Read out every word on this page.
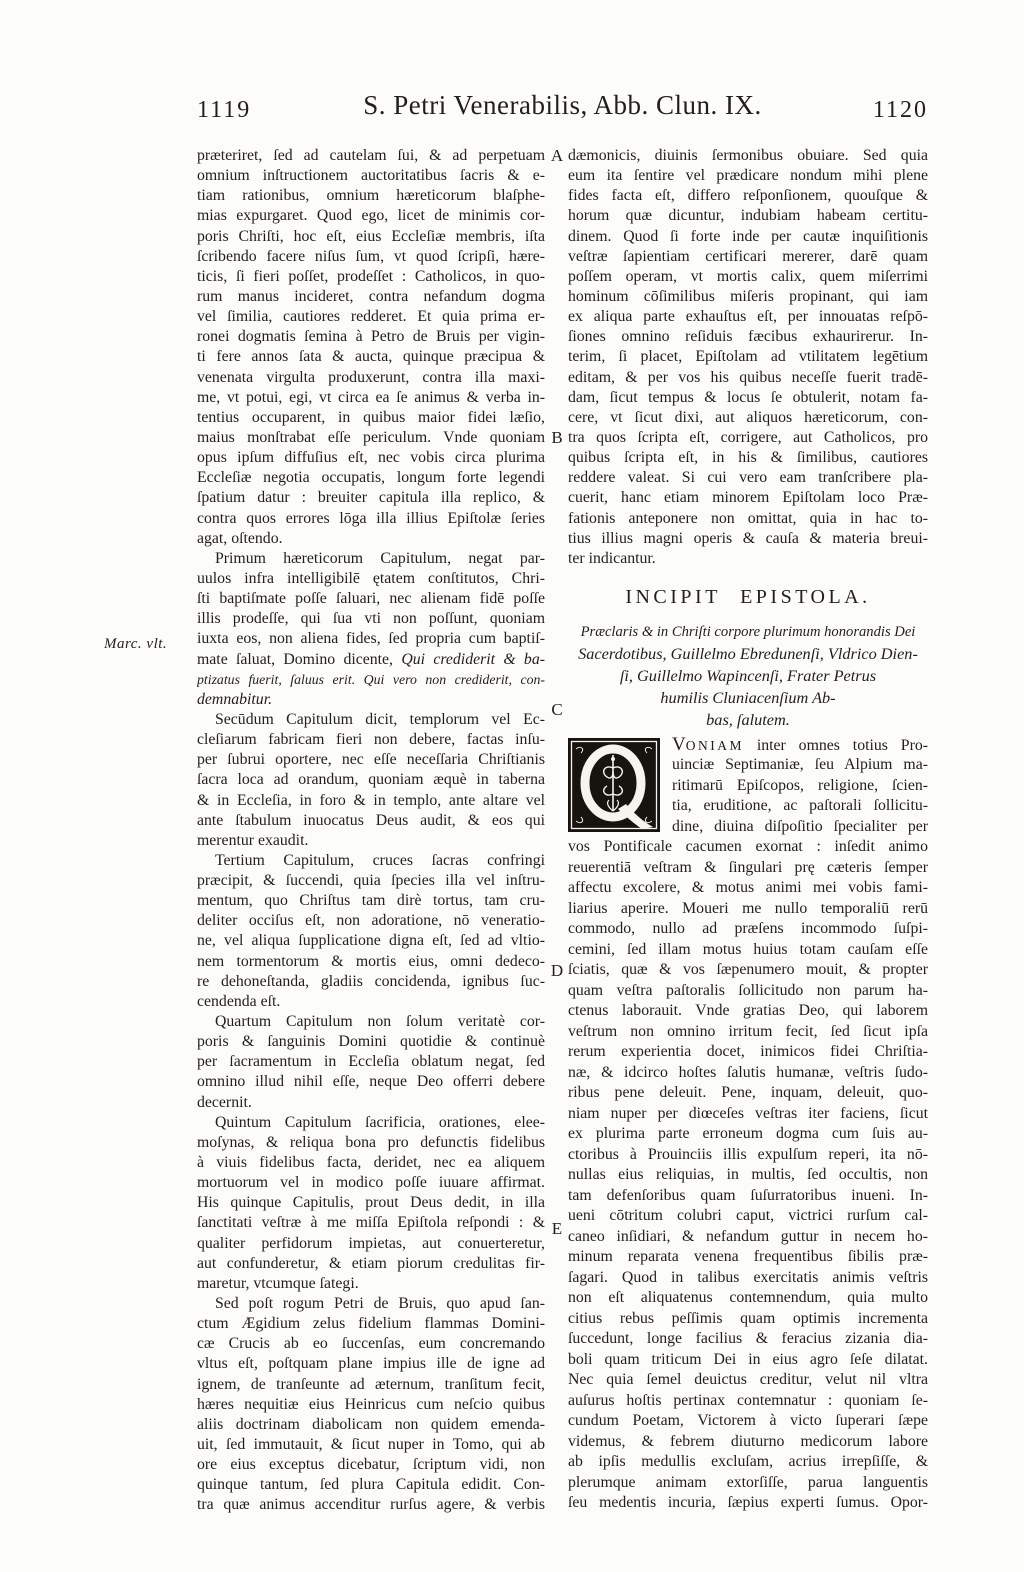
1119	S. Petri Venerabilis, Abb. Clun. IX.	1120
Marc. vlt.
A
B
C
D
E
præteriret, ſed ad cautelam ſui, & ad perpetuam
omnium inſtructionem auctoritatibus ſacris & e-
tiam rationibus, omnium hæreticorum blaſphe-
mias expurgaret. Quod ego, licet de minimis cor-
poris Chriſti, hoc eſt, eius Eccleſiæ membris, iſta
ſcribendo facere niſus ſum, vt quod ſcripſi, hære-
ticis, ſi fieri poſſet, prodeſſet : Catholicos, in quo-
rum manus incideret, contra nefandum dogma
vel ſimilia, cautiores redderet. Et quia prima er-
ronei dogmatis ſemina à Petro de Bruis per vigin-
ti fere annos ſata & aucta, quinque præcipua &
venenata virgulta produxerunt, contra illa maxi-
me, vt potui, egi, vt circa ea ſe animus & verba in-
tentius occuparent, in quibus maior fidei læſio,
maius monſtrabat eſſe periculum. Vnde quoniam
opus ipſum diffuſius eſt, nec vobis circa plurima
Eccleſiæ negotia occupatis, longum forte legendi
ſpatium datur : breuiter capitula illa replico, &
contra quos errores lōga illa illius Epiſtolæ ſeries
agat, oſtendo.
Primum hæreticorum Capitulum, negat par-
uulos infra intelligibilē ętatem conſtitutos, Chri-
ſti baptiſmate poſſe ſaluari, nec alienam fidē poſſe
illis prodeſſe, qui ſua vti non poſſunt, quoniam
iuxta eos, non aliena fides, ſed propria cum baptiſ-
mate ſaluat, Domino dicente, Qui crediderit & ba-
ptizatus fuerit, ſaluus erit. Qui vero non crediderit, con-
demnabitur.
Secūdum Capitulum dicit, templorum vel Ec-
cleſiarum fabricam fieri non debere, factas inſu-
per ſubrui oportere, nec eſſe neceſſaria Chriſtianis
ſacra loca ad orandum, quoniam æquè in taberna
& in Eccleſia, in foro & in templo, ante altare vel
ante ſtabulum inuocatus Deus audit, & eos qui
merentur exaudit.
Tertium Capitulum, cruces ſacras confringi
præcipit, & ſuccendi, quia ſpecies illa vel inſtru-
mentum, quo Chriſtus tam dirè tortus, tam cru-
deliter occiſus eſt, non adoratione, nō veneratio-
ne, vel aliqua ſupplicatione digna eſt, ſed ad vltio-
nem tormentorum & mortis eius, omni dedeco-
re dehoneſtanda, gladiis concidenda, ignibus ſuc-
cendenda eſt.
Quartum Capitulum non ſolum veritatè cor-
poris & ſanguinis Domini quotidie & continuè
per ſacramentum in Eccleſia oblatum negat, ſed
omnino illud nihil eſſe, neque Deo offerri debere
decernit.
Quintum Capitulum ſacrificia, orationes, elee-
moſynas, & reliqua bona pro defunctis fidelibus
à viuis fidelibus facta, deridet, nec ea aliquem
mortuorum vel in modico poſſe iuuare affirmat.
His quinque Capitulis, prout Deus dedit, in illa
ſanctitati veſtræ à me miſſa Epiſtola reſpondi : &
qualiter perfidorum impietas, aut conuerteretur,
aut confunderetur, & etiam piorum credulitas fir-
maretur, vtcumque ſategi.
Sed poſt rogum Petri de Bruis, quo apud ſan-
ctum Ægidium zelus fidelium flammas Domini-
cæ Crucis ab eo ſuccenſas, eum concremando
vltus eſt, poſtquam plane impius ille de igne ad
ignem, de tranſeunte ad æternum, tranſitum fecit,
hæres nequitiæ eius Heinricus cum neſcio quibus
aliis doctrinam diabolicam non quidem emenda-
uit, ſed immutauit, & ſicut nuper in Tomo, qui ab
ore eius exceptus dicebatur, ſcriptum vidi, non
quinque tantum, ſed plura Capitula edidit. Con-
tra quæ animus accenditur rurſus agere, & verbis
dæmonicis, diuinis ſermonibus obuiare. Sed quia
eum ita ſentire vel prædicare nondum mihi plene
fides facta eſt, differo reſponſionem, quouſque &
horum quæ dicuntur, indubiam habeam certitu-
dinem. Quod ſi forte inde per cautæ inquiſitionis
veſtræ ſapientiam certificari mererer, darē quam
poſſem operam, vt mortis calix, quem miſerrimi
hominum cōſimilibus miſeris propinant, qui iam
ex aliqua parte exhauſtus eſt, per innouatas reſpō-
ſiones omnino reſiduis fæcibus exhaurirerur. In-
terim, ſi placet, Epiſtolam ad vtilitatem legētium
editam, & per vos his quibus neceſſe fuerit tradē-
dam, ſicut tempus & locus ſe obtulerit, notam fa-
cere, vt ſicut dixi, aut aliquos hæreticorum, con-
tra quos ſcripta eſt, corrigere, aut Catholicos, pro
quibus ſcripta eſt, in his & ſimilibus, cautiores
reddere valeat. Si cui vero eam tranſcribere pla-
cuerit, hanc etiam minorem Epiſtolam loco Præ-
fationis anteponere non omittat, quia in hac to-
tius illius magni operis & cauſa & materia breui-
ter indicantur.
INCIPIT EPISTOLA.
Præclaris & in Chriſti corpore plurimum honorandis Dei
Sacerdotibus, Guillelmo Ebredunenſi, Vldrico Dien-
ſi, Guillelmo Wapincenſi, Frater Petrus
humilis Cluniacenſium Ab-
bas, ſalutem.
VONIAM inter omnes totius Pro-
uinciæ Septimaniæ, ſeu Alpium ma-
ritimarū Epiſcopos, religione, ſcien-
tia, eruditione, ac paſtorali ſollicitu-
dine, diuina diſpoſitio ſpecialiter per
vos Pontificale cacumen exornat : inſedit animo
reuerentiā veſtram & ſingulari prę cæteris ſemper
affectu excolere, & motus animi mei vobis fami-
liarius aperire. Moueri me nullo temporaliū rerū
commodo, nullo ad præſens incommodo ſuſpi-
cemini, ſed illam motus huius totam cauſam eſſe
ſciatis, quæ & vos ſæpenumero mouit, & propter
quam veſtra paſtoralis ſollicitudo non parum ha-
ctenus laborauit. Vnde gratias Deo, qui laborem
veſtrum non omnino irritum fecit, ſed ſicut ipſa
rerum experientia docet, inimicos fidei Chriſtia-
næ, & idcirco hoſtes ſalutis humanæ, veſtris ſudo-
ribus pene deleuit. Pene, inquam, deleuit, quo-
niam nuper per diœceſes veſtras iter faciens, ſicut
ex plurima parte erroneum dogma cum ſuis au-
ctoribus à Prouinciis illis expulſum reperi, ita nō-
nullas eius reliquias, in multis, ſed occultis, non
tam defenſoribus quam ſuſurratoribus inueni. In-
ueni cōtritum colubri caput, victrici rurſum cal-
caneo inſidiari, & nefandum guttur in necem ho-
minum reparata venena frequentibus ſibilis præ-
ſagari. Quod in talibus exercitatis animis veſtris
non eſt aliquatenus contemnendum, quia multo
citius rebus peſſimis quam optimis incrementa
ſuccedunt, longe facilius & feracius zizania dia-
boli quam triticum Dei in eius agro ſeſe dilatat.
Nec quia ſemel deuictus creditur, velut nil vltra
auſurus hoſtis pertinax contemnatur : quoniam ſe-
cundum Poetam, Victorem à victo ſuperari ſæpe
videmus, & febrem diuturno medicorum labore
ab ipſis medullis excluſam, acrius irrepſiſſe, &
plerumque animam extorſiſſe, parua languentis
ſeu medentis incuria, ſæpius experti ſumus. Opor-
